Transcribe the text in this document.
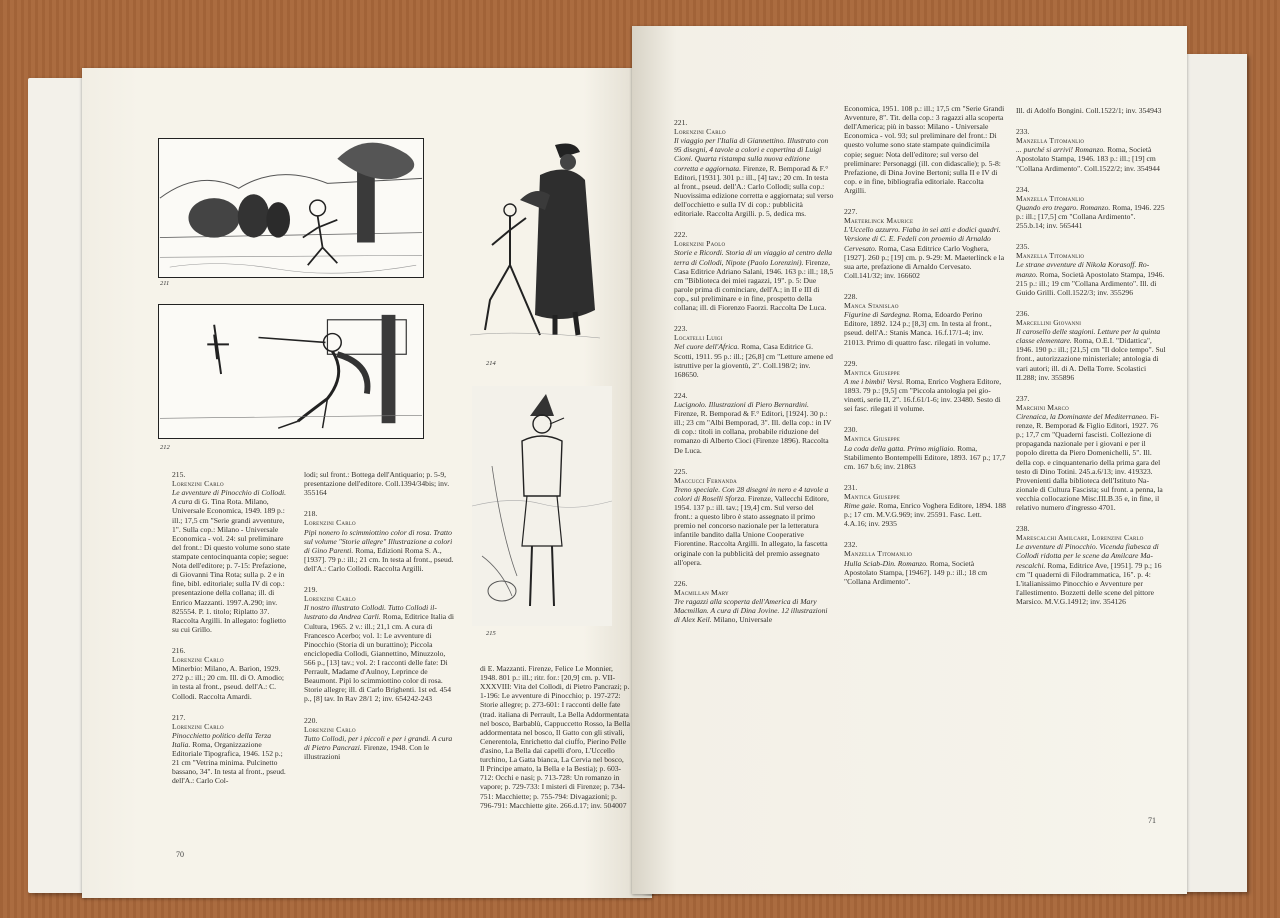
211
212
214
215
215.
Lorenzini Carlo
Le avventure di Pinocchio di Collodi. A cura di G. Tina Rota. Milano, Universale Economica, 1949. 189 p.: ill.; 17,5 cm "Serie grandi avventure, 1". Sulla cop.: Milano - Universale Economica - vol. 24: sul preliminare del front.: Di questo volume sono state stampate centocinquanta copie; segue: Nota dell'editore; p. 7-15: Prefazione, di Giovanni Tina Rota; sulla p. 2 e in fine, bibl. editoriale; sulla IV di cop.: presentazione della collana; ill. di Enrico Mazzanti. 1997.A.290; inv. 825554. P. 1. titolo; Riplatto 37. Raccolta Argilli. In allegato: foglietto su cui Grillo.
216.
Lorenzini Carlo
Minerbio: Milano, A. Barion, 1929. 272 p.: ill.; 20 cm. Ill. di O. Amodio; in testa al front., pseud. dell'A.: C. Collodi. Raccolta Amardi.
217.
Lorenzini Carlo
Pinocchietto politico della Terza Italia. Roma, Organizzazione Editoriale Tipografica, 1946. 152 p.; 21 cm "Vetrina minima. Pulcinetto bassano, 34". In testa al front., pseud. dell'A.: Carlo Col-
lodi; sul front.: Bottega dell'Antiquario; p. 5-9, presentazione dell'editore. Coll.1394/34bis; inv. 355164
218.
Lorenzini Carlo
Pipì nonero lo scimmiottino color di rosa. Tratto sul volume "Storie allegre" Illustrazione a colori di Gino Parenti. Roma, Edizioni Roma S. A., [1937]. 79 p.: ill.; 21 cm. In testa al front., pseud. dell'A.: Carlo Collodi. Raccolta Argilli.
219.
Lorenzini Carlo
Il nostro illustrato Collodi. Tutto Collodi illustrato da Andrea Carli. Roma, Editrice Italia di Cultura, 1965. 2 v.: ill.; 21,1 cm. A cura di Francesco Acerbo; vol. 1: Le avventure di Pinocchio (Storia di un burattino); Piccola enciclopedia Collodi, Giannettino, Minuzzolo, 566 p., [13] tav.; vol. 2: I racconti delle fate: Di Perrault, Madame d'Aulnoy, Leprince de Beaumont. Pipì lo scimmiottino color di rosa. Storie allegre; ill. di Carlo Brighenti. 1st ed. 454 p., [8] tav. In Rav 28/1 2; inv. 654242-243
220.
Lorenzini Carlo
Tutto Collodi, per i piccoli e per i grandi. A cura di Pietro Pancrazi. Firenze, 1948. Con le illustrazioni
di E. Mazzanti. Firenze, Felice Le Monnier, 1948. 801 p.: ill.; ritr. for.: [20,9] cm. p. VII-XXXVIII: Vita del Collodi, di Pietro Pancrazi; p. 1-196: Le avventure di Pinocchio; p. 197-272: Storie allegre; p. 273-601: I racconti delle fate (trad. italiana di Perrault, La Bella Addormentata nel bosco, Barbablù, Cappuccetto Rosso, la Bella addormentata nel bosco, Il Gatto con gli stivali, Cenerentola, Enrichetto dal ciuffo, Pierino Pelle d'asino, La Bella dai capelli d'oro, L'Uccello turchino, La Gatta bianca, La Cervia nel bosco, Il Principe amato, la Bella e la Bestia); p. 603-712: Occhi e nasi; p. 713-728: Un romanzo in vapore; p. 729-733: I misteri di Firenze; p. 734-751: Macchiette; p. 755-794: Divagazioni; p. 796-791: Macchiette gite. 266.d.17; inv. 504007
70
221.
Lorenzini Carlo
Il viaggio per l'Italia di Giannettino. Illustrato con 95 disegni, 4 tavole a colori e copertina di Luigi Cioni. Quarta ristampa sulla nuova edizione corretta e aggiornata. Firenze, R. Bemporad & F.° Editori, [1931]. 301 p.: ill., [4] tav.; 20 cm. In testa al front., pseud. dell'A.: Carlo Collodi; sulla cop.: Nuovissima edizione corretta e aggiornata; sul verso dell'occhietto e sulla IV di cop.: pubblicità editoriale. Raccolta Argilli. p. 5, dedica ms.
222.
Lorenzini Paolo
Storie e Ricordi. Storia di un viaggio al centro della terra di Collodi, Nipote (Paolo Lorenzini). Firenze, Casa Editrice Adriano Salani, 1946. 163 p.: ill.; 18,5 cm "Biblioteca dei miei ragazzi, 19". p. 5: Due parole prima di cominciare, dell'A.; in II e III di cop., sul preliminare e in fine, prospetto della collana; ill. di Fiorenzo Faorzi. Raccolta De Luca.
223.
Locatelli Luigi
Nel cuore dell'Africa. Roma, Casa Editrice G. Scotti, 1911. 95 p.: ill.; [26,8] cm "Letture amene ed istruttive per la gioventù, 2". Coll.198/2; inv. 168650.
224.
Lucignolo. Illustrazioni di Piero Bernardini. Firenze, R. Bemporad & F.° Editori, [1924]. 30 p.: ill.; 23 cm "Albi Bemporad, 3". Ill. della cop.: in IV di cop.: titoli in collana, probabile riduzione del romanzo di Alberto Cioci (Firenze 1896). Raccolta De Luca.
225.
Maccucci Fernanda
Treno speciale. Con 28 disegni in nero e 4 tavole a colori di Roselli Sforza. Firenze, Vallecchi Editore, 1954. 137 p.: ill. tav.; [19,4] cm. Sul verso del front.: a questo libro è stato assegnato il primo premio nel concorso nazionale per la letteratura infantile bandito dalla Unione Cooperative Fiorentine. Raccolta Argilli. In allegato, la fascetta originale con la pubblicità del premio assegnato all'opera.
226.
Macmillan Mary
Tre ragazzi alla scoperta dell'America di Mary Macmillan. A cura di Dina Jovine. 12 illustrazioni di Alex Keil. Milano, Universale
Economica, 1951. 108 p.: ill.; 17,5 cm "Serie Grandi Avventure, 8". Tit. della cop.: 3 ragazzi alla scoperta dell'America; più in basso: Milano - Universale Economica - vol. 93; sul preliminare del front.: Di questo volume sono state stampate quindicimila copie; segue: Nota dell'editore; sul verso del preliminare: Personaggi (ill. con didascalie); p. 5-8: Prefazione, di Dina Jovine Bertoni; sulla II e IV di cop. e in fine, bibliografia editoriale. Raccolta Argilli.
227.
Maeterlinck Maurice
L'Uccello azzurro. Fiaba in sei atti e dodici quadri. Versione di C. E. Fedeli con proemio di Arnaldo Cervesato. Roma, Casa Editrice Carlo Voghera, [1927]. 260 p.; [19] cm. p. 9-29: M. Maeterlinck e la sua arte, prefazione di Arnaldo Cervesato. Coll.141/32; inv. 166602
228.
Manca Stanislao
Figurine di Sardegna. Roma, Edoardo Perino Editore, 1892. 124 p.; [8,3] cm. In testa al front., pseud. dell'A.: Stanis Manca. 16.f.17/1-4; inv. 21013. Primo di quattro fasc. rilegati in volume.
229.
Mantica Giuseppe
A me i bimbi! Versi. Roma, Enrico Voghera Editore, 1893. 79 p.: [9,5] cm "Piccola antologia pei giovinetti, serie II, 2". 16.f.61/1-6; inv. 23480. Sesto di sei fasc. rilegati il volume.
230.
Mantica Giuseppe
La coda della gatta. Primo migliaio. Roma, Stabilimento Bontempelli Editore, 1893. 167 p.; 17,7 cm. 167 b.6; inv. 21863
231.
Mantica Giuseppe
Rime gaie. Roma, Enrico Voghera Editore, 1894. 188 p.; 17 cm. M.V.G.969; inv. 25591. Fasc. Lett. 4.A.16; inv. 2935
232.
Manzella Titomanlio
Hulla Sciab-Din. Romanzo. Roma, Società Apostolato Stampa, [1946?]. 149 p.: ill.; 18 cm "Collana Ardimento".
Ill. di Adolfo Bongini. Coll.1522/1; inv. 354943
233.
Manzella Titomanlio
... purché si arrivi! Romanzo. Roma, Società Apostolato Stampa, 1946. 183 p.: ill.; [19] cm "Collana Ardimento". Coll.1522/2; inv. 354944
234.
Manzella Titomanlio
Quando ero tregaro. Romanzo. Roma, 1946. 225 p.: ill.; [17,5] cm "Collana Ardimento". 255.b.14; inv. 565441
235.
Manzella Titomanlio
Le strane avventure di Nikola Korasoff. Romanzo. Roma, Società Apostolato Stampa, 1946. 215 p.: ill.; 19 cm "Collana Ardimento". Ill. di Guido Grilli. Coll.1522/3; inv. 355296
236.
Marcellini Giovanni
Il carosello delle stagioni. Letture per la quinta classe elementare. Roma, O.E.I. "Didattica", 1946. 190 p.: ill.; [21,5] cm "Il dolce tempo". Sul front., autorizzazione ministeriale; antologia di vari autori; ill. di A. Della Torre. Scolastici II.288; inv. 355896
237.
Marchini Marco
Cirenaica, la Dominante del Mediterraneo. Firenze, R. Bemporad & Figlio Editori, 1927. 76 p.; 17,7 cm "Quaderni fascisti. Collezione di propaganda nazionale per i giovani e per il popolo diretta da Piero Domenichelli, 5". Ill. della cop. e cinquantenario della prima gara del testo di Dino Totini. 245.a.6/13; inv. 419323. Provenienti dalla biblioteca dell'Istituto Nazionale di Cultura Fascista; sul front. a penna, la vecchia collocazione Misc.III.B.35 e, in fine, il relativo numero d'ingresso 4701.
238.
Marescalchi Amilcare, Lorenzini Carlo
Le avventure di Pinocchio. Vicenda fiabesca di Collodi ridotta per le scene da Amilcare Marescalchi. Roma, Editrice Ave, [1951]. 79 p.; 16 cm "I quaderni di Filodrammatica, 16". p. 4: L'italianissimo Pinocchio e Avventure per l'allestimento. Bozzetti delle scene del pittore Marsico. M.V.G.14912; inv. 354126
71
